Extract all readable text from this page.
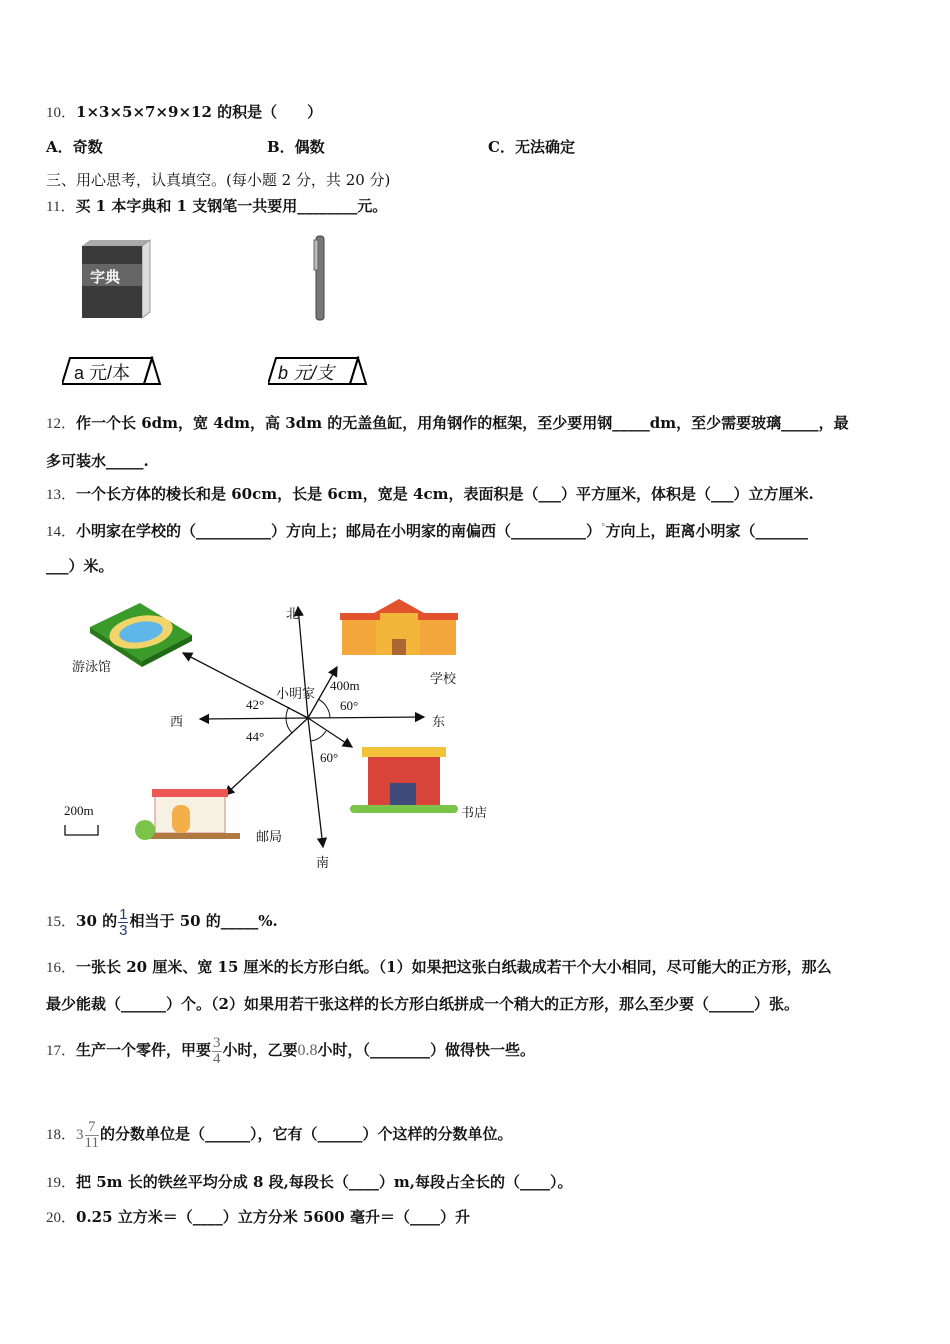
10．1×3×5×7×9×12 的积是（　　）
A．奇数	B．偶数	C．无法确定
三、用心思考，认真填空。(每小题 2 分，共 20 分)
11．买 1 本字典和 1 支钢笔一共要用________元。
字典
a 元/本	b 元/支
12．作一个长 6dm，宽 4dm，高 3dm 的无盖鱼缸，用角钢作的框架，至少要用钢_____dm，至少需要玻璃_____，最
多可装水_____.
13．一个长方体的棱长和是 60cm，长是 6cm，宽是 4cm，表面积是（___）平方厘米，体积是（___）立方厘米.
14．小明家在学校的（__________）方向上；邮局在小明家的南偏西（__________）°方向上，距离小明家（_______
___）米。
北
南
西	东
小明家
游泳馆
学校
书店
邮局
400m
60°
42°
44°
60°
200m
15．30 的 $\frac{1}{3}$ 相当于 50 的_____%.
16．一张长 20 厘米、宽 15 厘米的长方形白纸。（1）如果把这张白纸裁成若干个大小相同，尽可能大的正方形，那么
最少能裁（______）个。（2）如果用若干张这样的长方形白纸拼成一个稍大的正方形，那么至少要（______）张。
17．生产一个零件，甲要 $\frac{3}{4}$ 小时，乙要0.8小时，（________）做得快一些。
18．$3 \frac{7}{11}$ 的分数单位是（______），它有（______）个这样的分数单位。
19．把 5m 长的铁丝平均分成 8 段,每段长（____）m,每段占全长的（____）。
20．0.25 立方米＝（____）立方分米 5600 毫升＝（____）升
